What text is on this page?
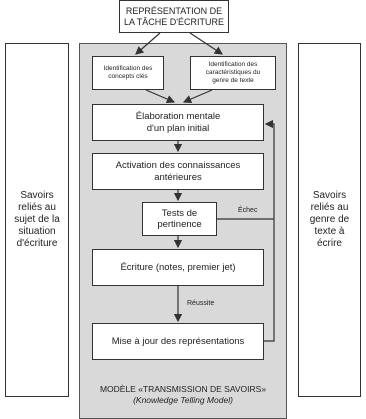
Savoirs
reliés au
sujet de la
situation
d'écriture
Savoirs
reliés au
genre de
texte à
écrire
REPRÉSENTATION DE
LA TÂCHE D'ÉCRITURE
Identification des
concepts clés
Identification des
caractéristiques du
genre de texte
Élaboration mentale
d'un plan initial
Activation des connaissances
antérieures
Tests de
pertinence
Écriture (notes, premier jet)
Mise à jour des représentations
Échec
Réussite
MODÈLE «TRANSMISSION DE SAVOIRS»
(Knowledge Telling Model)
